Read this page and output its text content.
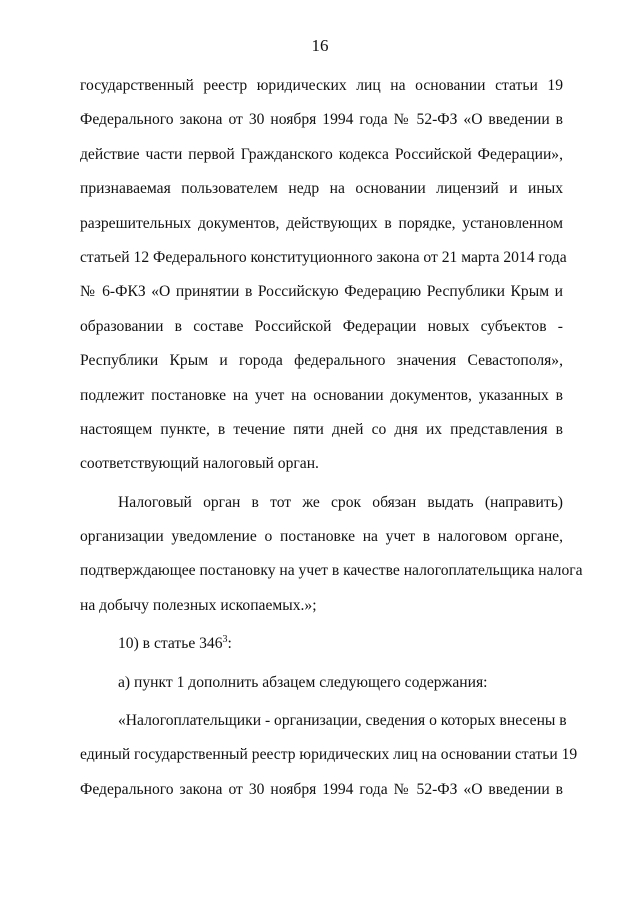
16
государственный реестр юридических лиц на основании статьи 19
Федерального закона от 30 ноября 1994 года № 52-ФЗ «О введении в
действие части первой Гражданского кодекса Российской Федерации»,
признаваемая пользователем недр на основании лицензий и иных
разрешительных документов, действующих в порядке, установленном
статьей 12 Федерального конституционного закона от 21 марта 2014 года
№ 6-ФКЗ «О принятии в Российскую Федерацию Республики Крым и
образовании в составе Российской Федерации новых субъектов -
Республики Крым и города федерального значения Севастополя»,
подлежит постановке на учет на основании документов, указанных в
настоящем пункте, в течение пяти дней со дня их представления в
соответствующий налоговый орган.
Налоговый орган в тот же срок обязан выдать (направить)
организации уведомление о постановке на учет в налоговом органе,
подтверждающее постановку на учет в качестве налогоплательщика налога
на добычу полезных ископаемых.»;
10) в статье $346^3$:
а) пункт 1 дополнить абзацем следующего содержания:
«Налогоплательщики - организации, сведения о которых внесены в
единый государственный реестр юридических лиц на основании статьи 19
Федерального закона от 30 ноября 1994 года № 52-ФЗ «О введении в
